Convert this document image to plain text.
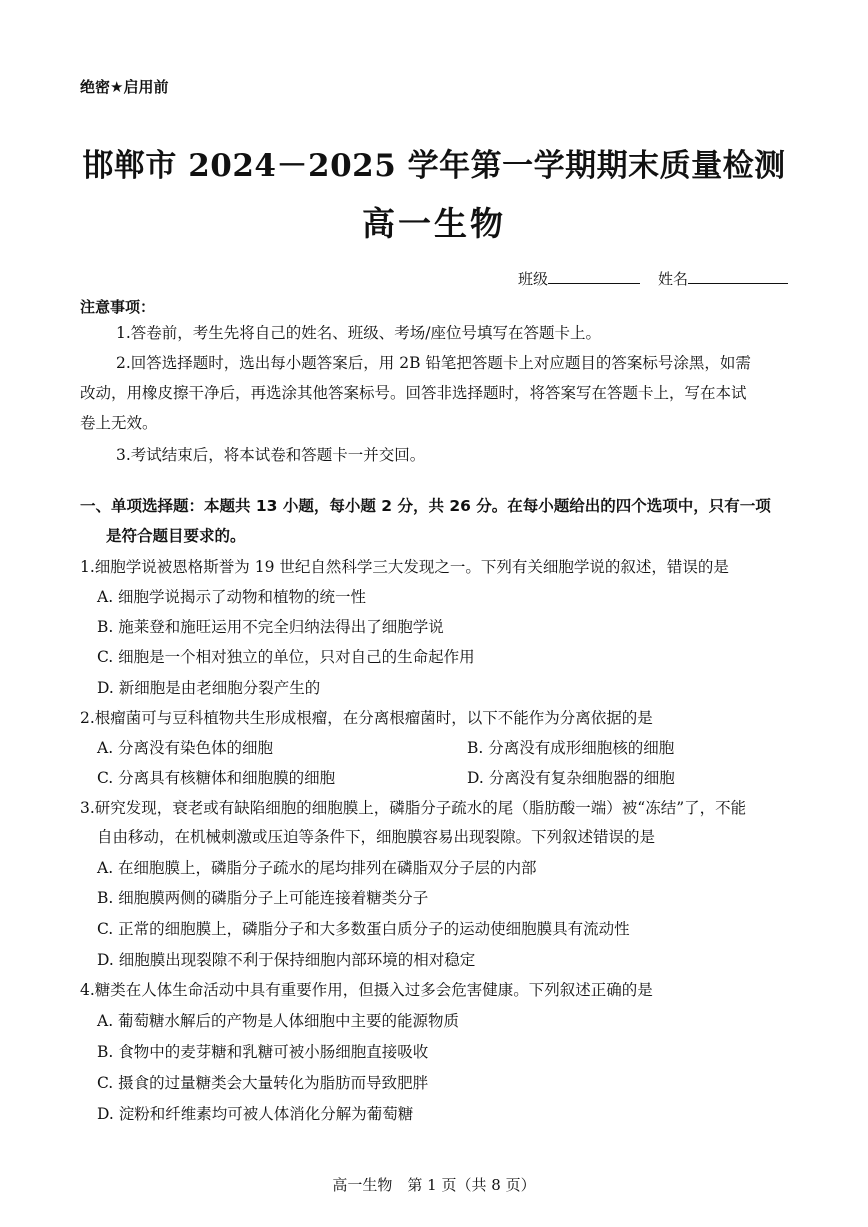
绝密★启用前
邯郸市 2024－2025 学年第一学期期末质量检测
高一生物
班级	姓名
注意事项：
1.答卷前，考生先将自己的姓名、班级、考场/座位号填写在答题卡上。
2.回答选择题时，选出每小题答案后，用 2B 铅笔把答题卡上对应题目的答案标号涂黑，如需
改动，用橡皮擦干净后，再选涂其他答案标号。回答非选择题时，将答案写在答题卡上，写在本试
卷上无效。
3.考试结束后，将本试卷和答题卡一并交回。
一、单项选择题：本题共 13 小题，每小题 2 分，共 26 分。在每小题给出的四个选项中，只有一项
是符合题目要求的。
1.细胞学说被恩格斯誉为 19 世纪自然科学三大发现之一。下列有关细胞学说的叙述，错误的是
A. 细胞学说揭示了动物和植物的统一性
B. 施莱登和施旺运用不完全归纳法得出了细胞学说
C. 细胞是一个相对独立的单位，只对自己的生命起作用
D. 新细胞是由老细胞分裂产生的
2.根瘤菌可与豆科植物共生形成根瘤，在分离根瘤菌时，以下不能作为分离依据的是
A. 分离没有染色体的细胞	B. 分离没有成形细胞核的细胞
C. 分离具有核糖体和细胞膜的细胞	D. 分离没有复杂细胞器的细胞
3.研究发现，衰老或有缺陷细胞的细胞膜上，磷脂分子疏水的尾（脂肪酸一端）被“冻结”了，不能
自由移动，在机械刺激或压迫等条件下，细胞膜容易出现裂隙。下列叙述错误的是
A. 在细胞膜上，磷脂分子疏水的尾均排列在磷脂双分子层的内部
B. 细胞膜两侧的磷脂分子上可能连接着糖类分子
C. 正常的细胞膜上，磷脂分子和大多数蛋白质分子的运动使细胞膜具有流动性
D. 细胞膜出现裂隙不利于保持细胞内部环境的相对稳定
4.糖类在人体生命活动中具有重要作用，但摄入过多会危害健康。下列叙述正确的是
A. 葡萄糖水解后的产物是人体细胞中主要的能源物质
B. 食物中的麦芽糖和乳糖可被小肠细胞直接吸收
C. 摄食的过量糖类会大量转化为脂肪而导致肥胖
D. 淀粉和纤维素均可被人体消化分解为葡萄糖
高一生物　第 1 页（共 8 页）
